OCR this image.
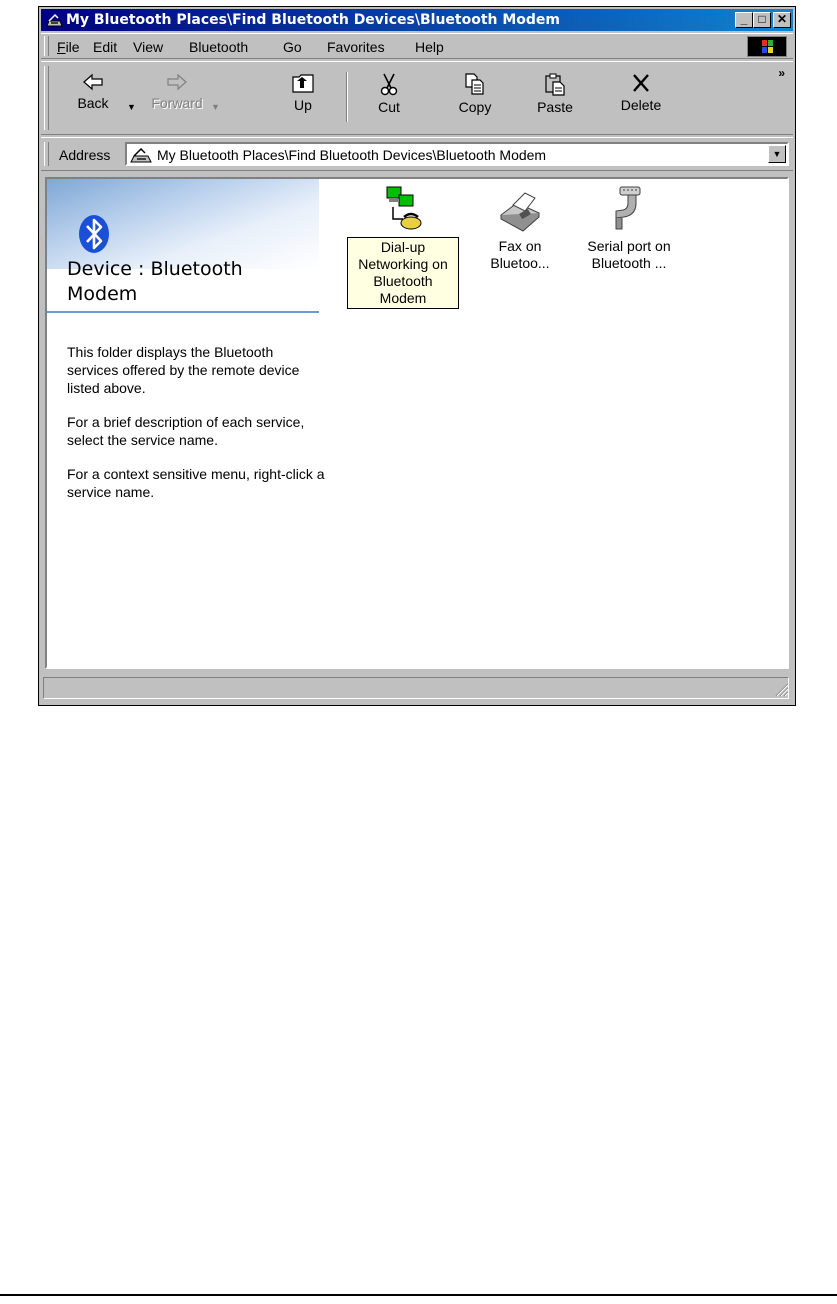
My Bluetooth Places\Find Bluetooth Devices\Bluetooth Modem	_ □ ✕
File Edit View Bluetooth Go Favorites Help
Back	▼	Forward ▼	Up	Cut	Copy	Paste	Delete
»
Address	My Bluetooth Places\Find Bluetooth Devices\Bluetooth Modem	▼
Device : Bluetooth Modem

This folder displays the Bluetooth services offered by the remote device listed above.

For a brief description of each service, select the service name.

For a context sensitive menu, right-click a service name.

Dial-up Networking on Bluetooth Modem
Fax on Bluetoo...
Serial port on Bluetooth ...
